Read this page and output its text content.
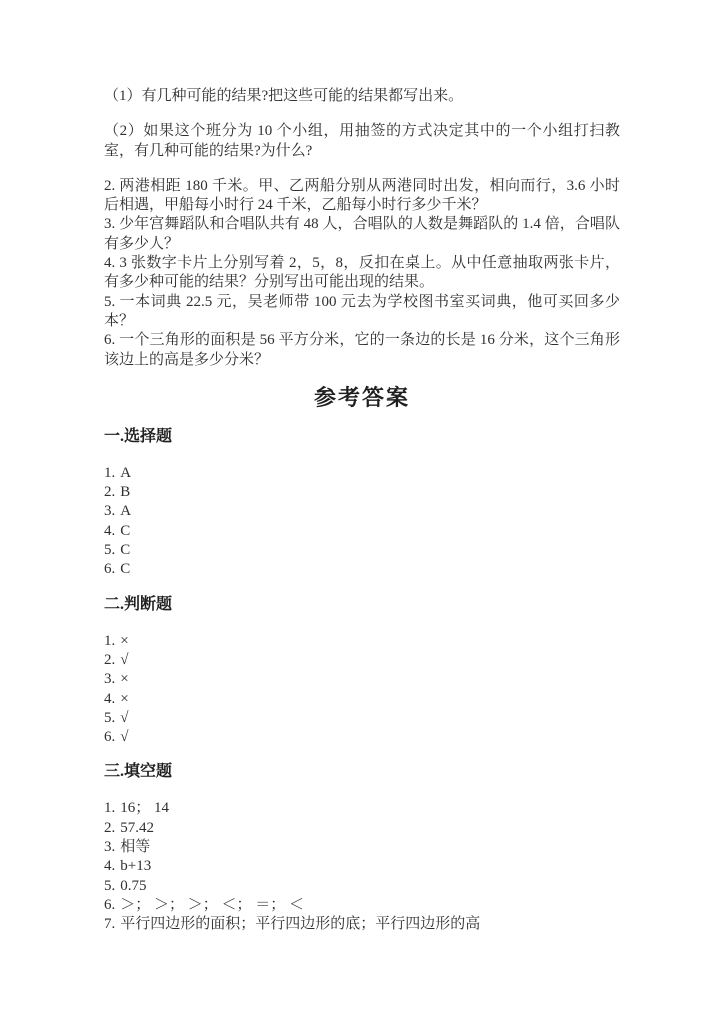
（1）有几种可能的结果?把这些可能的结果都写出来。

（2）如果这个班分为 10 个小组，用抽签的方式决定其中的一个小组打扫教室，有几种可能的结果?为什么?

2. 两港相距 180 千米。甲、乙两船分别从两港同时出发，相向而行，3.6 小时后相遇，甲船每小时行 24 千米，乙船每小时行多少千米？

3. 少年宫舞蹈队和合唱队共有 48 人，合唱队的人数是舞蹈队的 1.4 倍，合唱队有多少人？

4. 3 张数字卡片上分别写着 2，5，8，反扣在桌上。从中任意抽取两张卡片，有多少种可能的结果？分别写出可能出现的结果。

5. 一本词典 22.5 元，吴老师带 100 元去为学校图书室买词典，他可买回多少本？

6. 一个三角形的面积是 56 平方分米，它的一条边的长是 16 分米，这个三角形该边上的高是多少分米？

参考答案
一.选择题
1. A
2. B
3. A
4. C
5. C
6. C
二.判断题
1. ×
2. √
3. ×
4. ×
5. √
6. √
三.填空题
1. 16； 14
2. 57.42
3. 相等
4. b+13
5. 0.75
6. ＞； ＞； ＞； ＜； ＝； ＜
7. 平行四边形的面积；平行四边形的底；平行四边形的高
